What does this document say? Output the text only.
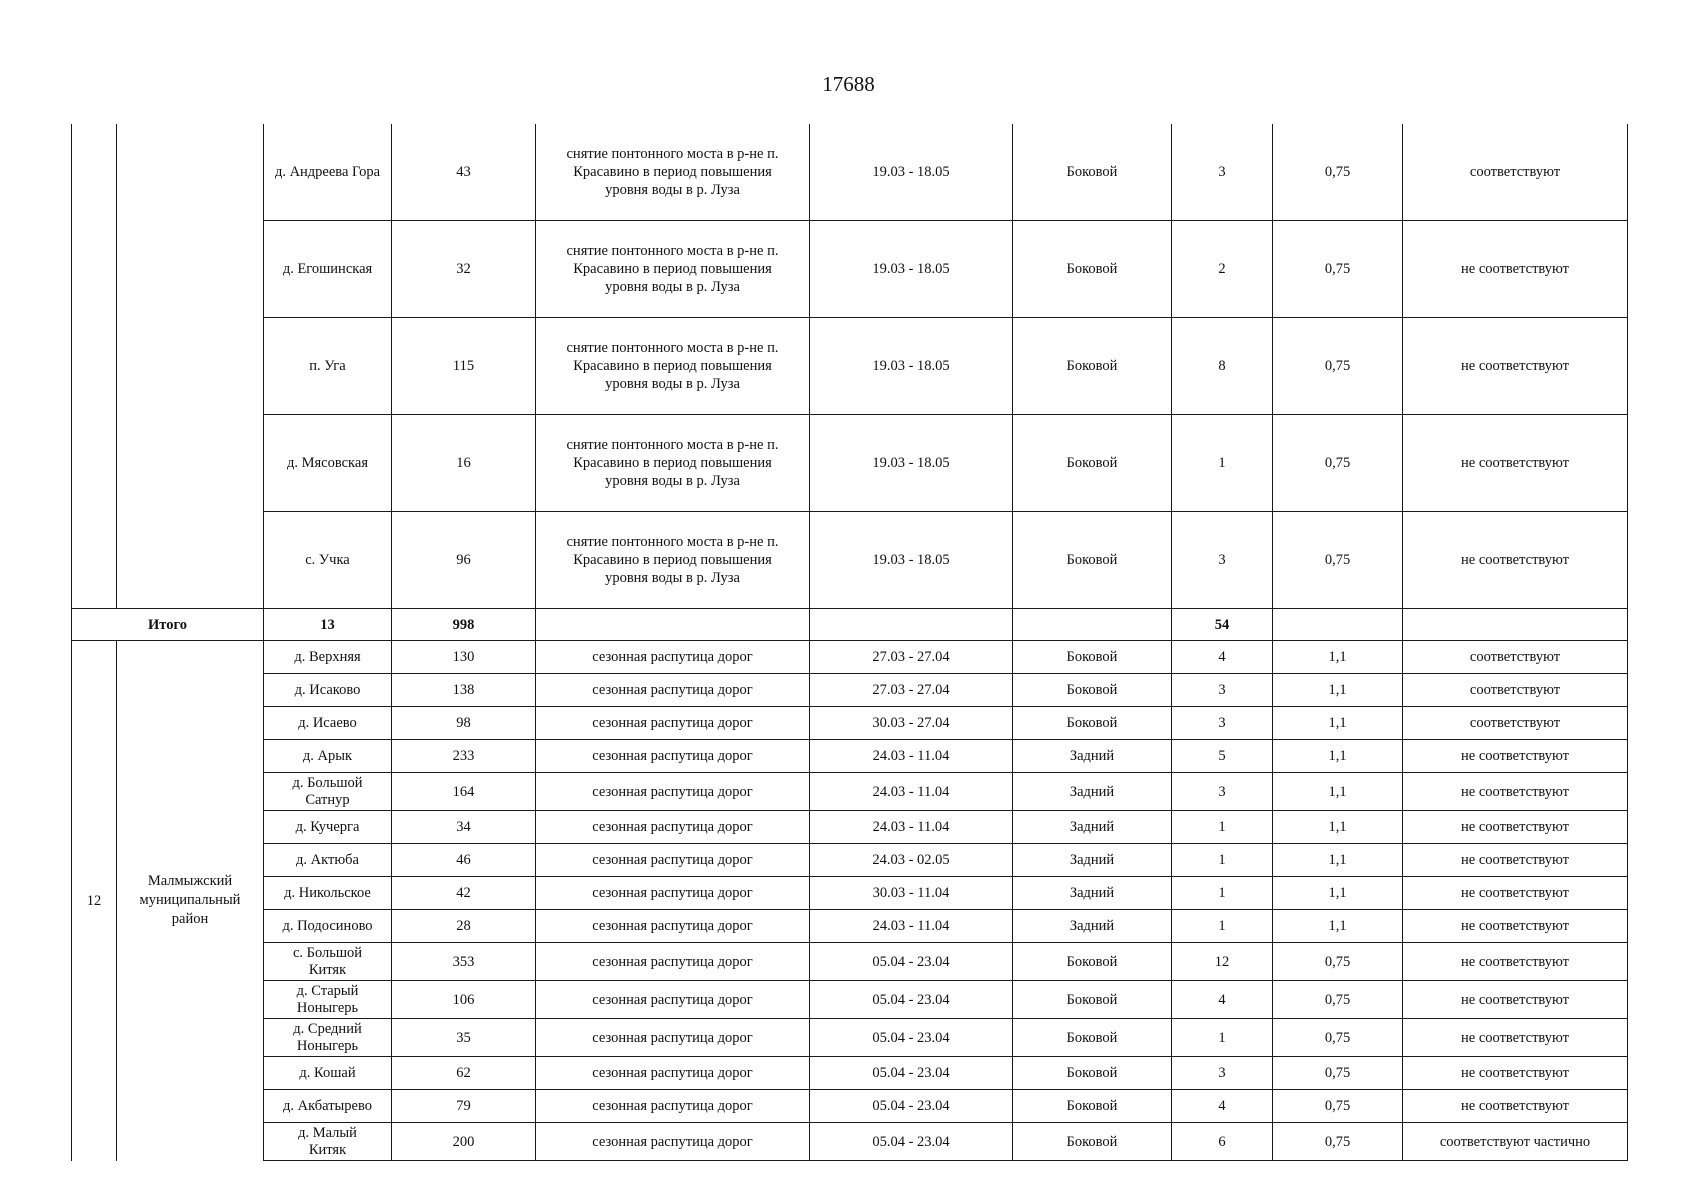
17688
		д. Андреева Гора	43	снятие понтонного моста в р-не п. Красавино в период повышения уровня воды в р. Луза	19.03 - 18.05	Боковой	3	0,75	соответствуют
		д. Егошинская	32	снятие понтонного моста в р-не п. Красавино в период повышения уровня воды в р. Луза	19.03 - 18.05	Боковой	2	0,75	не соответствуют
		п. Уга	115	снятие понтонного моста в р-не п. Красавино в период повышения уровня воды в р. Луза	19.03 - 18.05	Боковой	8	0,75	не соответствуют
		д. Мясовская	16	снятие понтонного моста в р-не п. Красавино в период повышения уровня воды в р. Луза	19.03 - 18.05	Боковой	1	0,75	не соответствуют
		с. Учка	96	снятие понтонного моста в р-не п. Красавино в период повышения уровня воды в р. Луза	19.03 - 18.05	Боковой	3	0,75	не соответствуют
Итого		13	998				54		
12	Малмыжский муниципальный район	д. Верхняя	130	сезонная распутица дорог	27.03 - 27.04	Боковой	4	1,1	соответствуют
		д. Исаково	138	сезонная распутица дорог	27.03 - 27.04	Боковой	3	1,1	соответствуют
		д. Исаево	98	сезонная распутица дорог	30.03 - 27.04	Боковой	3	1,1	соответствуют
		д. Арык	233	сезонная распутица дорог	24.03 - 11.04	Задний	5	1,1	не соответствуют
		д. Большой Сатнур	164	сезонная распутица дорог	24.03 - 11.04	Задний	3	1,1	не соответствуют
		д. Кучерга	34	сезонная распутица дорог	24.03 - 11.04	Задний	1	1,1	не соответствуют
		д. Актюба	46	сезонная распутица дорог	24.03 - 02.05	Задний	1	1,1	не соответствуют
		д. Никольское	42	сезонная распутица дорог	30.03 - 11.04	Задний	1	1,1	не соответствуют
		д. Подосиново	28	сезонная распутица дорог	24.03 - 11.04	Задний	1	1,1	не соответствуют
		с. Большой Китяк	353	сезонная распутица дорог	05.04 - 23.04	Боковой	12	0,75	не соответствуют
		д. Старый Ноныгерь	106	сезонная распутица дорог	05.04 - 23.04	Боковой	4	0,75	не соответствуют
		д. Средний Ноныгерь	35	сезонная распутица дорог	05.04 - 23.04	Боковой	1	0,75	не соответствуют
		д. Кошай	62	сезонная распутица дорог	05.04 - 23.04	Боковой	3	0,75	не соответствуют
		д. Акбатырево	79	сезонная распутица дорог	05.04 - 23.04	Боковой	4	0,75	не соответствуют
		д. Малый Китяк	200	сезонная распутица дорог	05.04 - 23.04	Боковой	6	0,75	соответствуют частично
